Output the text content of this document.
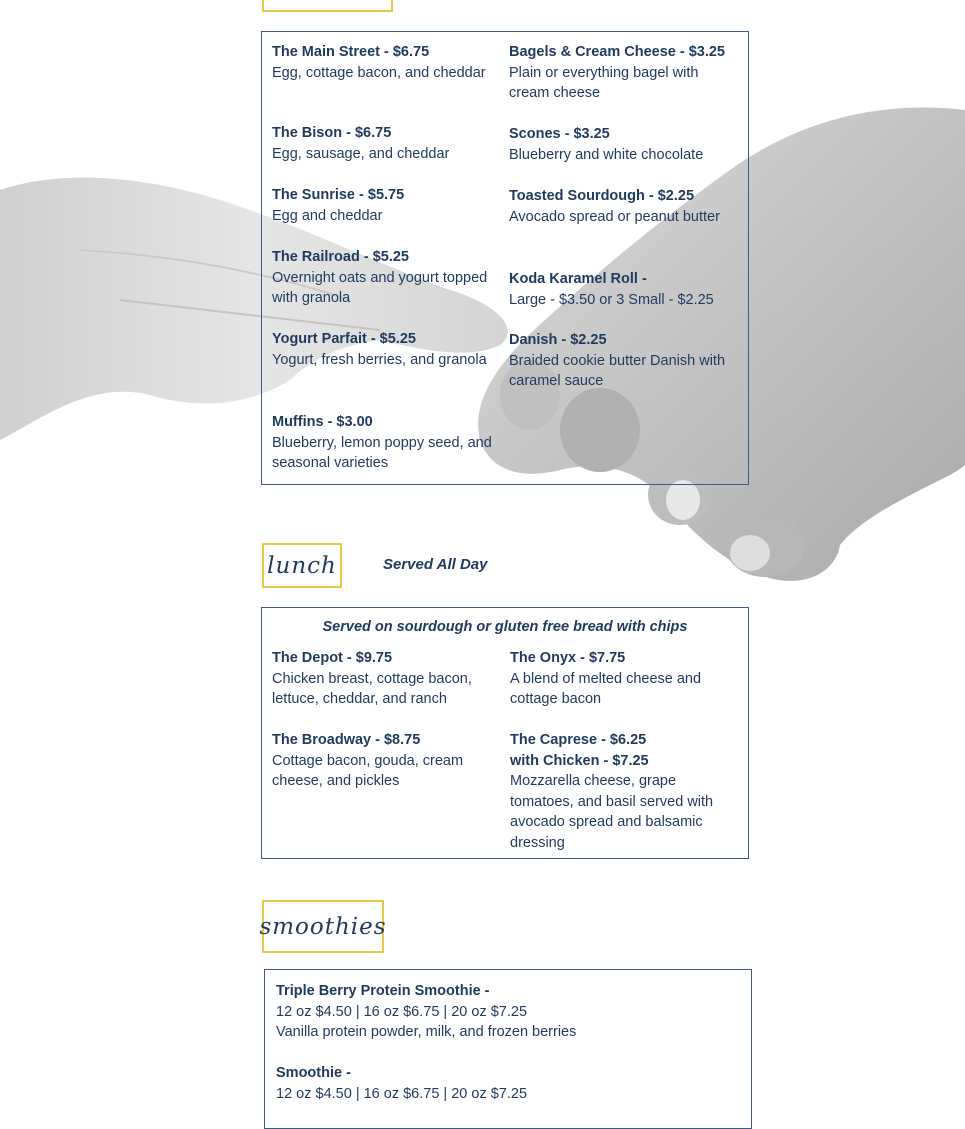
The Main Street - $6.75
Egg, cottage bacon, and cheddar
The Bison - $6.75
Egg, sausage, and cheddar
The Sunrise - $5.75
Egg and cheddar
The Railroad - $5.25
Overnight oats and yogurt topped with granola
Yogurt Parfait - $5.25
Yogurt, fresh berries, and granola
Muffins - $3.00
Blueberry, lemon poppy seed, and seasonal varieties
Bagels & Cream Cheese - $3.25
Plain or everything bagel with cream cheese
Scones - $3.25
Blueberry and white chocolate
Toasted Sourdough - $2.25
Avocado spread or peanut butter
Koda Karamel Roll -
Large - $3.50 or 3 Small - $2.25
Danish - $2.25
Braided cookie butter Danish with caramel sauce
lunch	Served All Day
Served on sourdough or gluten free bread with chips
The Depot - $9.75
Chicken breast, cottage bacon, lettuce, cheddar, and ranch
The Broadway - $8.75
Cottage bacon, gouda, cream cheese, and pickles
The Onyx - $7.75
A blend of melted cheese and cottage bacon
The Caprese - $6.25
with Chicken - $7.25
Mozzarella cheese, grape tomatoes, and basil served with avocado spread and balsamic dressing
smoothies
Triple Berry Protein Smoothie -
12 oz $4.50 | 16 oz $6.75 | 20 oz $7.25
Vanilla protein powder, milk, and frozen berries
Smoothie -
12 oz $4.50 | 16 oz $6.75 | 20 oz $7.25
